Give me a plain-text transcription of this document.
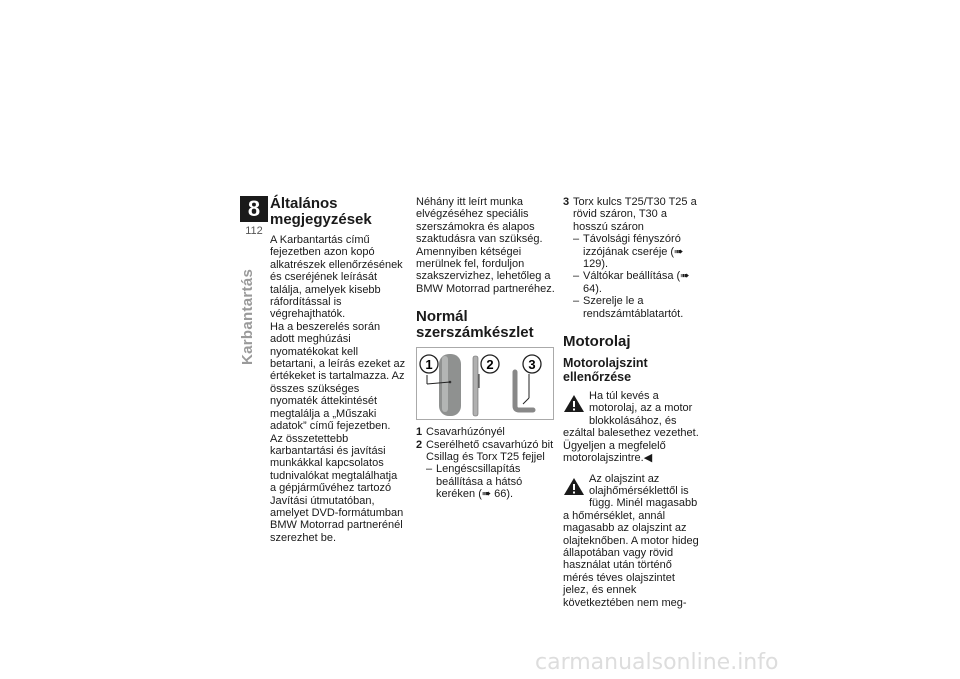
8
112
Karbantartás
Általános megjegyzések

A Karbantartás című fejezetben azon kopó alkatrészek ellenőrzésének és cseréjének leírását találja, amelyek kisebb ráfordítással is végrehajthatók.

Ha a beszerelés során adott meghúzási nyomatékokat kell betartani, a leírás ezeket az értékeket is tartalmazza. Az összes szükséges nyomaték áttekintését megtalálja a „Műszaki adatok” című fejezetben.

Az összetettebb karbantartási és javítási munkákkal kapcsolatos tudnivalókat megtalálhatja a gépjárművéhez tartozó Javítási útmutatóban, amelyet DVD-formátumban BMW Motorrad partnerénél szerezhet be.

Néhány itt leírt munka elvégzéséhez speciális szerszámokra és alapos szaktudásra van szükség. Amennyiben kétségei merülnek fel, forduljon szakszervizhez, lehetőleg a BMW Motorrad partneréhez.

Normál szerszámkészlet
1	2	3
1 Csavarhúzónyél
2 Cserélhető csavarhúzó bit Csillag és Torx T25 fejjel
– Lengéscsillapítás beállítása a hátsó keréken (➠ 66).
3 Torx kulcs T25/T30 T25 a rövid száron, T30 a hosszú száron
– Távolsági fényszóró izzójának cseréje (➠ 129).
– Váltókar beállítása (➠ 64).
– Szerelje le a rendszámtáblatartót.
Motorolaj
Motorolajszint ellenőrzése

Ha túl kevés a motorolaj, az a motor blokkolásához, és ezáltal balesethez vezethet. Ügyeljen a megfelelő motorolajszintre.◀

Az olajszint az olajhőmérséklettől is függ. Minél magasabb a hőmérséklet, annál magasabb az olajszint az olajteknőben. A motor hideg állapotában vagy rövid használat után történő mérés téves olajszintet jelez, és ennek következtében nem meg-

carmanualsonline.info
